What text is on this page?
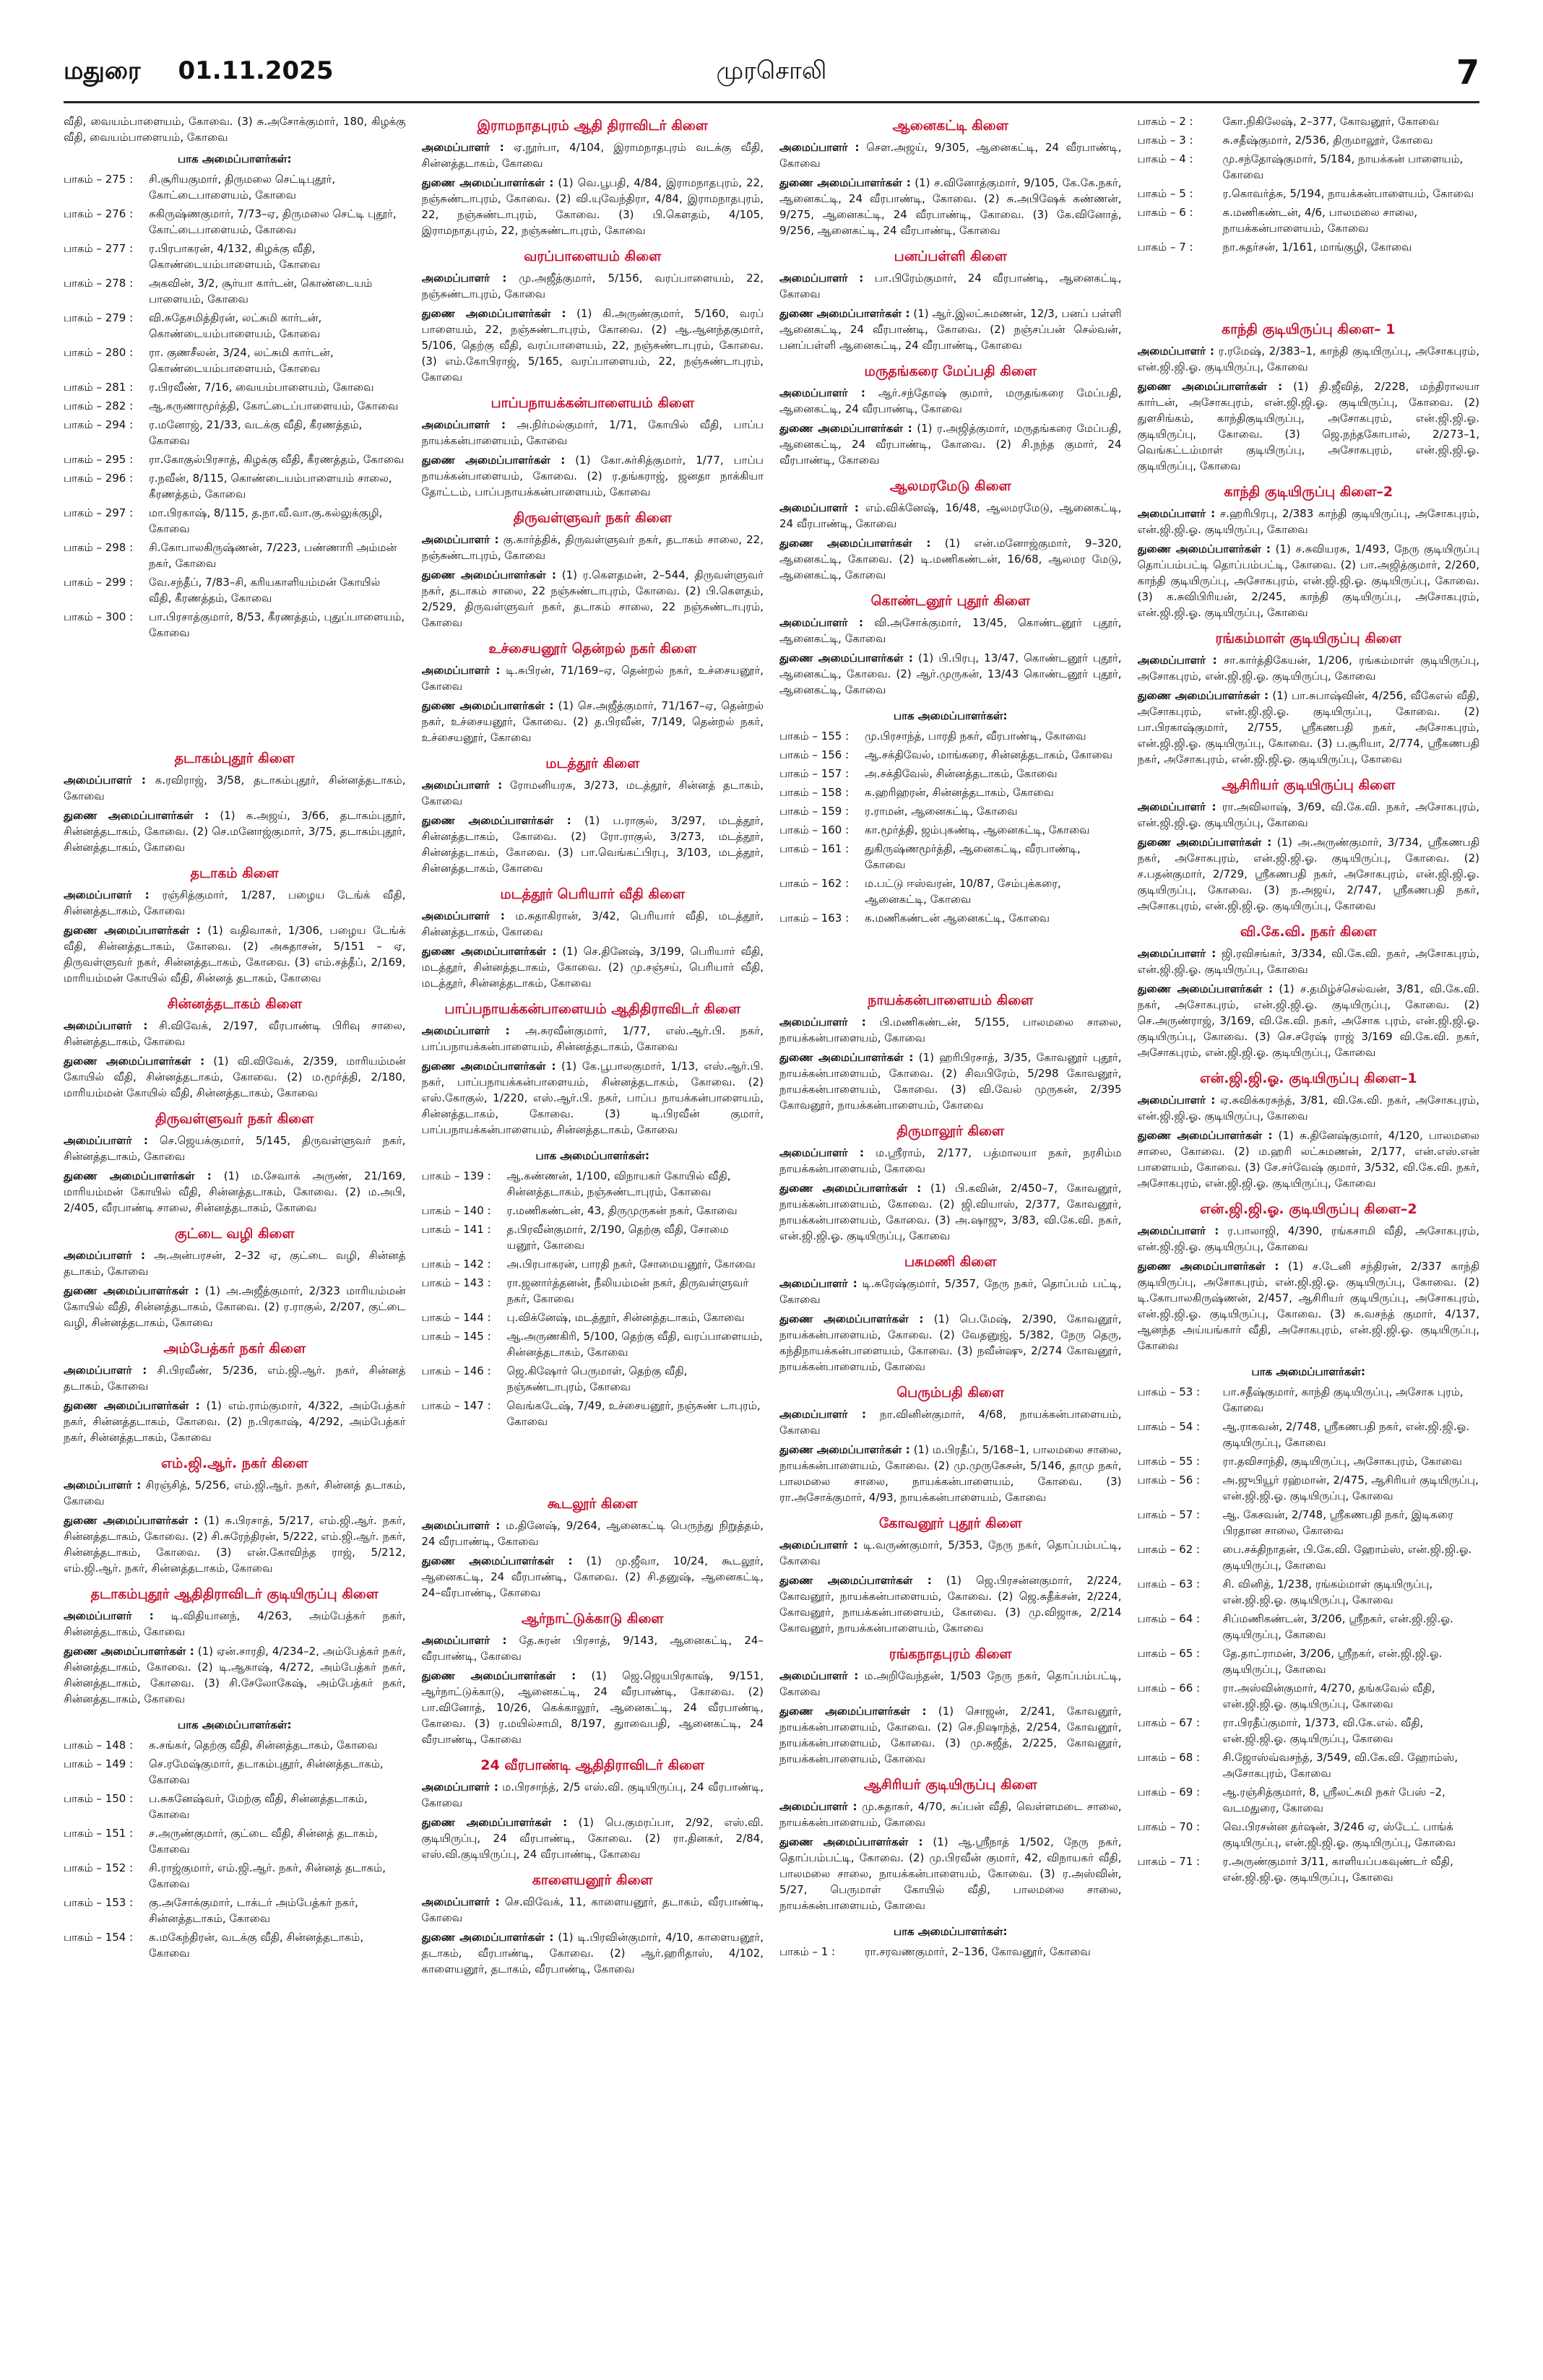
மதுரை 01.11.2025	முரசொலி	7
வீதி, வையம்பாளையம், கோவை. (3) சு.அசோக்குமார், 180, கிழக்கு வீதி, வையம்பாளையம், கோவை
பாக அமைப்பாளர்கள்:
பாகம் – 275 :	சி.சூரியகுமார், திருமலை செட்டிபுதூர், கோட்டைபாளையம், கோவை
பாகம் – 276 :	சுகிருஷ்ணகுமார், 7/73–ஏ, திருமலை செட்டி புதூர், கோட்டைபாளையம், கோவை
பாகம் – 277 :	ர.பிரபாகரன், 4/132, கிழக்கு வீதி, கொண்டையம்பாளையம், கோவை
பாகம் – 278 :	அகவின், 3/2, சூர்யா கார்டன், கொண்டையம் பாளையம், கோவை
பாகம் – 279 :	வி.சுதேசமித்திரன், லட்சுமி கார்டன், கொண்டையம்பாளையம், கோவை
பாகம் – 280 :	ரா. குணசீலன், 3/24, லட்சுமி கார்டன், கொண்டையம்பாளையம், கோவை
பாகம் – 281 :	ர.பிரவீண், 7/16, வையம்பாளையம், கோவை
பாகம் – 282 :	ஆ.கருணாமூர்த்தி, கோட்டைப்பாளையம், கோவை
பாகம் – 294 :	ர.மனோஜ், 21/33, வடக்கு வீதி, கீரணத்தம், கோவை
பாகம் – 295 :	ரா.கோகுல்பிரசாத், கிழக்கு வீதி, கீரணத்தம், கோவை
பாகம் – 296 :	ர.நவீன், 8/115, கொண்டையம்பாளையம் சாலை, கீரணத்தம், கோவை
பாகம் – 297 :	மா.பிரகாஷ், 8/115, த.நா.வீ.வா.கு.கல்லுக்குழி, கோவை
பாகம் – 298 :	சி.கோபாலகிருஷ்ணன், 7/223, பண்ணாரி அம்மன் நகர், கோவை
பாகம் – 299 :	வே.சந்தீப், 7/83–சி, கரியகாளியம்மன் கோயில் வீதி, கீரணத்தம், கோவை
பாகம் – 300 :	பா.பிரசாத்குமார், 8/53, கீரணத்தம், புதுப்பாளையம், கோவை
தடாகம்புதூர் கிளை
அமைப்பாளர் : க.ரவிராஜ், 3/58, தடாகம்புதூர், சின்னத்தடாகம், கோவை
துணை அமைப்பாளர்கள் : (1) க.அஜய், 3/66, தடாகம்புதூர், சின்னத்தடாகம், கோவை. (2) செ.மனோஜ்குமார், 3/75, தடாகம்புதூர், சின்னத்தடாகம், கோவை
தடாகம் கிளை
அமைப்பாளர் : ரஞ்சித்குமார், 1/287, பழைய டேங்க் வீதி, சின்னத்தடாகம், கோவை
துணை அமைப்பாளர்கள் : (1) வதிவாகர், 1/306, பழைய டேங்க் வீதி, சின்னத்தடாகம், கோவை. (2) அசுதாசன், 5/151 – ஏ, திருவள்ளுவர் நகர், சின்னத்தடாகம், கோவை. (3) எம்.சத்தீப், 2/169, மாரியம்மன் கோயில் வீதி, சின்னத் தடாகம், கோவை
சின்னத்தடாகம் கிளை
அமைப்பாளர் : சி.விவேக், 2/197, வீரபாண்டி பிரிவு சாலை, சின்னத்தடாகம், கோவை
துணை அமைப்பாளர்கள் : (1) வி.விவேக், 2/359, மாரியம்மன் கோயில் வீதி, சின்னத்தடாகம், கோவை. (2) ம.மூர்த்தி, 2/180, மாரியம்மன் கோயில் வீதி, சின்னத்தடாகம், கோவை
திருவள்ளுவர் நகர் கிளை
அமைப்பாளர் : செ.ஜெயக்குமார், 5/145, திருவள்ளுவர் நகர், சின்னத்தடாகம், கோவை
துணை அமைப்பாளர்கள் : (1) ம.சேவாக் அருண், 21/169, மாரியம்மன் கோயில் வீதி, சின்னத்தடாகம், கோவை. (2) ம.அபி, 2/405, வீரபாண்டி சாலை, சின்னத்தடாகம், கோவை
குட்டை வழி கிளை
அமைப்பாளர் : அ.அன்பரசன், 2–32 ஏ, குட்டை வழி, சின்னத் தடாகம், கோவை
துணை அமைப்பாளர்கள் : (1) அ.அஜீத்குமார், 2/323 மாரியம்மன் கோயில் வீதி, சின்னத்தடாகம், கோவை. (2) ர.ராகுல், 2/207, குட்டை வழி, சின்னத்தடாகம், கோவை
அம்பேத்கர் நகர் கிளை
அமைப்பாளர் : சி.பிரவீண், 5/236, எம்.ஜி.ஆர். நகர், சின்னத் தடாகம், கோவை
துணை அமைப்பாளர்கள் : (1) எம்.ராம்குமார், 4/322, அம்பேத்கர் நகர், சின்னத்தடாகம், கோவை. (2) ந.பிரகாஷ், 4/292, அம்பேத்கர் நகர், சின்னத்தடாகம், கோவை
எம்.ஜி.ஆர். நகர் கிளை
அமைப்பாளர் : சிரஞ்சித், 5/256, எம்.ஜி.ஆர். நகர், சின்னத் தடாகம், கோவை
துணை அமைப்பாளர்கள் : (1) சு.பிரசாத், 5/217, எம்.ஜி.ஆர். நகர், சின்னத்தடாகம், கோவை. (2) சி.சுரேந்திரன், 5/222, எம்.ஜி.ஆர். நகர், சின்னத்தடாகம், கோவை. (3) என்.கோவிந்த ராஜ், 5/212, எம்.ஜி.ஆர். நகர், சின்னத்தடாகம், கோவை
தடாகம்புதூர் ஆதிதிராவிடர் குடியிருப்பு கிளை
அமைப்பாளர் : டி.விதியானந், 4/263, அம்பேத்கர் நகர், சின்னத்தடாகம், கோவை
துணை அமைப்பாளர்கள் : (1) ஏன்.சாரதி, 4/234–2, அம்பேத்கர் நகர், சின்னத்தடாகம், கோவை. (2) டி.ஆகாஷ், 4/272, அம்பேத்கர் நகர், சின்னத்தடாகம், கோவை. (3) சி.சேலோகேஷ், அம்பேத்கர் நகர், சின்னத்தடாகம், கோவை
பாக அமைப்பாளர்கள்:
பாகம் – 148 :	க.சங்கர், தெற்கு வீதி, சின்னத்தடாகம், கோவை
பாகம் – 149 :	செ.ரமேஷ்குமார், தடாகம்புதூர், சின்னத்தடாகம், கோவை
பாகம் – 150 :	ப.சுகனேஷ்வர், மேற்கு வீதி, சின்னத்தடாகம், கோவை
பாகம் – 151 :	ச.அருண்குமார், குட்டை வீதி, சின்னத் தடாகம், கோவை
பாகம் – 152 :	சி.ராஜ்குமார், எம்.ஜி.ஆர். நகர், சின்னத் தடாகம், கோவை
பாகம் – 153 :	கு.அசோக்குமார், டாக்டர் அம்பேத்கர் நகர், சின்னத்தடாகம், கோவை
பாகம் – 154 :	க.மகேந்திரன், வடக்கு வீதி, சின்னத்தடாகம், கோவை
இராமநாதபுரம் ஆதி திராவிடர் கிளை
அமைப்பாளர் : ஏ.நூர்பா, 4/104, இராமநாதபுரம் வடக்கு வீதி, சின்னத்தடாகம், கோவை
துணை அமைப்பாளர்கள் : (1) வெ.பூபதி, 4/84, இராமநாதபுரம், 22, நஞ்சுண்டாபுரம், கோவை. (2) வி.யுவேந்திரா, 4/84, இராமநாதபுரம், 22, நஞ்சுண்டாபுரம், கோவை. (3) பி.கௌதம், 4/105, இராமநாதபுரம், 22, நஞ்சுண்டாபுரம், கோவை
வரப்பாளையம் கிளை
அமைப்பாளர் : மு.அஜீத்குமார், 5/156, வரப்பாளையம், 22, நஞ்சுண்டாபுரம், கோவை
துணை அமைப்பாளர்கள் : (1) கி.அருண்குமார், 5/160, வரப் பாளையம், 22, நஞ்சுண்டாபுரம், கோவை. (2) ஆ.ஆனந்தகுமார், 5/106, தெற்கு வீதி, வரப்பாளையம், 22, நஞ்சுண்டாபுரம், கோவை. (3) எம்.கோபிராஜ், 5/165, வரப்பாளையம், 22, நஞ்சுண்டாபுரம், கோவை
பாப்பநாயக்கன்பாளையம் கிளை
அமைப்பாளர் : அ.நிர்மல்குமார், 1/71, கோயில் வீதி, பாப்ப நாயக்கன்பாளையம், கோவை
துணை அமைப்பாளர்கள் : (1) கோ.சுர்சித்குமார், 1/77, பாப்ப நாயக்கன்பாளையம், கோவை. (2) ர.தங்கராஜ், ஜனதா நாக்கியா தோட்டம், பாப்பநாயக்கன்பாளையம், கோவை
திருவள்ளுவர் நகர் கிளை
அமைப்பாளர் : கு.கார்த்திக், திருவள்ளுவர் நகர், தடாகம் சாலை, 22, நஞ்சுண்டாபுரம், கோவை
துணை அமைப்பாளர்கள் : (1) ர.கௌதமன், 2–544, திருவள்ளுவர் நகர், தடாகம் சாலை, 22 நஞ்சுண்டாபுரம், கோவை. (2) பி.கௌதம், 2/529, திருவள்ளுவர் நகர், தடாகம் சாலை, 22 நஞ்சுண்டாபுரம், கோவை
உச்சையனூர் தென்றல் நகர் கிளை
அமைப்பாளர் : டி.சுபிரன், 71/169–ஏ, தென்றல் நகர், உச்சையனூர், கோவை
துணை அமைப்பாளர்கள் : (1) செ.அஜீத்குமார், 71/167–ஏ, தென்றல் நகர், உச்சையனூர், கோவை. (2) த.பிரவீன், 7/149, தென்றல் நகர், உச்சையனூர், கோவை
மடத்தூர் கிளை
அமைப்பாளர் : ரோமனியரசு, 3/273, மடத்தூர், சின்னத் தடாகம், கோவை
துணை அமைப்பாளர்கள் : (1) ப.ராகுல், 3/297, மடத்தூர், சின்னத்தடாகம், கோவை. (2) ரோ.ராகுல், 3/273, மடத்தூர், சின்னத்தடாகம், கோவை. (3) பா.வெங்கட்பிரபு, 3/103, மடத்தூர், சின்னத்தடாகம், கோவை
மடத்தூர் பெரியார் வீதி கிளை
அமைப்பாளர் : ம.சுதாகிரான், 3/42, பெரியார் வீதி, மடத்தூர், சின்னத்தடாகம், கோவை
துணை அமைப்பாளர்கள் : (1) செ.தினேஷ், 3/199, பெரியார் வீதி, மடத்தூர், சின்னத்தடாகம், கோவை. (2) மு.சஞ்சய், பெரியார் வீதி, மடத்தூர், சின்னத்தடாகம், கோவை
பாப்பநாயக்கன்பாளையம் ஆதிதிராவிடர் கிளை
அமைப்பாளர் : அ.சுரவீன்குமார், 1/77, எஸ்.ஆர்.பி. நகர், பாப்பநாயக்கன்பாளையம், சின்னத்தடாகம், கோவை
துணை அமைப்பாளர்கள் : (1) கே.பூபாலகுமார், 1/13, எஸ்.ஆர்.பி. நகர், பாப்பநாயக்கன்பாளையம், சின்னத்தடாகம், கோவை. (2) எஸ்.கோகுல், 1/220, எஸ்.ஆர்.பி. நகர், பாப்ப நாயக்கன்பாளையம், சின்னத்தடாகம், கோவை. (3) டி.பிரவீன் குமார், பாப்பநாயக்கன்பாளையம், சின்னத்தடாகம், கோவை
பாக அமைப்பாளர்கள்:
பாகம் – 139 :	ஆ.கண்ணன், 1/100, விநாயகர் கோயில் வீதி, சின்னத்தடாகம், நஞ்சுண்டாபுரம், கோவை
பாகம் – 140 :	ர.மணிகண்டன், 43, திருமுருகன் நகர், கோவை
பாகம் – 141 :	த.பிரவீன்குமார், 2/190, தெற்கு வீதி, சோமை யனூர், கோவை
பாகம் – 142 :	அ.பிரபாகரன், பாரதி நகர், சோமையனூர், கோவை
பாகம் – 143 :	ரா.ஜனார்த்தனன், நீலியம்மன் நகர், திருவள்ளுவர் நகர், கோவை
பாகம் – 144 :	பு.விக்னேஷ், மடத்தூர், சின்னத்தடாகம், கோவை
பாகம் – 145 :	ஆ.அருணகிரி, 5/100, தெற்கு வீதி, வரப்பாளையம், சின்னத்தடாகம், கோவை
பாகம் – 146 :	ஜெ.கிஷோர் பெருமாள், தெற்கு வீதி, நஞ்சுண்டாபுரம், கோவை
பாகம் – 147 :	வெங்கடேஷ், 7/49, உச்சையனூர், நஞ்சுண் டாபுரம், கோவை
கூடலூர் கிளை
அமைப்பாளர் : ம.தினேஷ், 9/264, ஆனைகட்டி பெருந்து நிறுத்தம், 24 வீரபாண்டி, கோவை
துணை அமைப்பாளர்கள் : (1) மு.ஜீவா, 10/24, கூடலூர், ஆனைகட்டி, 24 வீரபாண்டி, கோவை. (2) சி.தனுஷ், ஆனைகட்டி, 24–வீரபாண்டி, கோவை
ஆர்நாட்டுக்காடு கிளை
அமைப்பாளர் : தே.சுரன் பிரசாத், 9/143, ஆனைகட்டி, 24–வீரபாண்டி, கோவை
துணை அமைப்பாளர்கள் : (1) ஜெ.ஜெயபிரகாஷ், 9/151, ஆர்நாட்டுக்காடு, ஆனைகட்டி, 24 வீரபாண்டி, கோவை. (2) பா.வினோத், 10/26, கெக்காலூர், ஆனைகட்டி, 24 வீரபாண்டி, கோவை. (3) ர.மயில்சாமி, 8/197, துாவைபதி, ஆனைகட்டி, 24 வீரபாண்டி, கோவை
24 வீரபாண்டி ஆதிதிராவிடர் கிளை
அமைப்பாளர் : ம.பிரசாந்த், 2/5 எஸ்.வி. குடியிருப்பு, 24 வீரபாண்டி, கோவை
துணை அமைப்பாளர்கள் : (1) பெ.குமரப்பா, 2/92, எஸ்.வி. குடியிருப்பு, 24 வீரபாண்டி, கோவை. (2) ரா.தினகர், 2/84, எஸ்.வி.குடியிருப்பு, 24 வீரபாண்டி, கோவை
காளையனூர் கிளை
அமைப்பாளர் : செ.விவேக், 11, காளையனூர், தடாகம், வீரபாண்டி, கோவை
துணை அமைப்பாளர்கள் : (1) டி.பிரவின்குமார், 4/10, காளையனூர், தடாகம், வீரபாண்டி, கோவை. (2) ஆர்.ஹரிதாஸ், 4/102, காளையனூர், தடாகம், வீரபாண்டி, கோவை
ஆனைகட்டி கிளை
அமைப்பாளர் : சௌ.அஜய், 9/305, ஆனைகட்டி, 24 வீரபாண்டி, கோவை
துணை அமைப்பாளர்கள் : (1) ச.வினோத்குமார், 9/105, கே.கே.நகர், ஆனைகட்டி, 24 வீரபாண்டி, கோவை. (2) சு.அபிஷேக் கண்ணன், 9/275, ஆனைகட்டி, 24 வீரபாண்டி, கோவை. (3) கே.வினோத், 9/256, ஆனைகட்டி, 24 வீரபாண்டி, கோவை
பனப்பள்ளி கிளை
அமைப்பாளர் : பா.பிரேம்குமார், 24 வீரபாண்டி, ஆனைகட்டி, கோவை
துணை அமைப்பாளர்கள் : (1) ஆர்.இலட்சுமணன், 12/3, பனப் பள்ளி ஆனைகட்டி, 24 வீரபாண்டி, கோவை. (2) நஞ்சப்பன் செல்வன், பனப்பள்ளி ஆனைகட்டி, 24 வீரபாண்டி, கோவை
மருதங்கரை மேப்பதி கிளை
அமைப்பாளர் : ஆர்.சந்தோஷ் குமார், மருதங்கரை மேப்பதி, ஆனைகட்டி, 24 வீரபாண்டி, கோவை
துணை அமைப்பாளர்கள் : (1) ர.அஜித்குமார், மருதங்கரை மேப்பதி, ஆனைகட்டி, 24 வீரபாண்டி, கோவை. (2) சி.நந்த குமார், 24 வீரபாண்டி, கோவை
ஆலமரமேடு கிளை
அமைப்பாளர் : எம்.விக்னேஷ், 16/48, ஆலமரமேடு, ஆனைகட்டி, 24 வீரபாண்டி, கோவை
துணை அமைப்பாளர்கள் : (1) என்.மனோஜ்குமார், 9–320, ஆனைகட்டி, கோவை. (2) டி.மணிகண்டன், 16/68, ஆலமர மேடு, ஆனைகட்டி, கோவை
கொண்டனூர் புதூர் கிளை
அமைப்பாளர் : வி.அசோக்குமார், 13/45, கொண்டனூர் புதூர், ஆனைகட்டி, கோவை
துணை அமைப்பாளர்கள் : (1) பி.பிரபு, 13/47, கொண்டனூர் புதூர், ஆனைகட்டி, கோவை. (2) ஆர்.முருகன், 13/43 கொண்டனூர் புதூர், ஆனைகட்டி, கோவை
பாக அமைப்பாளர்கள்:
பாகம் – 155 :	மு.பிரசாந்த், பாரதி நகர், வீரபாண்டி, கோவை
பாகம் – 156 :	ஆ.சக்திவேல், மாங்கரை, சின்னத்தடாகம், கோவை
பாகம் – 157 :	அ.சக்திவேல், சின்னத்தடாகம், கோவை
பாகம் – 158 :	க.ஹரிஹரன், சின்னத்தடாகம், கோவை
பாகம் – 159 :	ர.ராமன், ஆனைகட்டி, கோவை
பாகம் – 160 :	கா.மூர்த்தி, ஜம்புகண்டி, ஆனைகட்டி, கோவை
பாகம் – 161 :	துகிருஷ்ணமூர்த்தி, ஆனைகட்டி, வீரபாண்டி, கோவை
பாகம் – 162 :	ம.பட்டு ஈஸ்வரன், 10/87, சேம்புக்கரை, ஆனைகட்டி, கோவை
பாகம் – 163 :	க.மணிகண்டன் ஆனைகட்டி, கோவை
நாயக்கன்பாளையம் கிளை
அமைப்பாளர் : பி.மணிகண்டன், 5/155, பாலமலை சாலை, நாயக்கன்பாளையம், கோவை
துணை அமைப்பாளர்கள் : (1) ஹரிபிரசாத், 3/35, கோவனூர் புதூர், நாயக்கன்பாளையம், கோவை. (2) சிவபிரேம், 5/298 கோவனூர், நாயக்கன்பாளையம், கோவை. (3) வி.வேல் முருகன், 2/395 கோவனூர், நாயக்கன்பாளையம், கோவை
திருமாலூர் கிளை
அமைப்பாளர் : ம.ஸ்ரீராம், 2/177, பத்மாலயா நகர், நரசிம்ம நாயக்கன்பாளையம், கோவை
துணை அமைப்பாளர்கள் : (1) பி.கவின், 2/450–7, கோவனூர், நாயக்கன்பாளையம், கோவை. (2) ஜி.வியாஸ், 2/377, கோவனூர், நாயக்கன்பாளையம், கோவை. (3) அ.ஷாஜு, 3/83, வி.கே.வி. நகர், என்.ஜி.ஜி.ஓ. குடியிருப்பு, கோவை
பசுமணி கிளை
அமைப்பாளர் : டி.சுரேஷ்குமார், 5/357, நேரு நகர், தொப்பம் பட்டி, கோவை
துணை அமைப்பாளர்கள் : (1) பெ.மேஷ், 2/390, கோவனூர், நாயக்கன்பாளையம், கோவை. (2) வேதனுஜ், 5/382, நேரு தெரு, கந்திநாயக்கன்பாளையம், கோவை. (3) நவீன்ஷு, 2/274 கோவனூர், நாயக்கன்பாளையம், கோவை
பெரும்பதி கிளை
அமைப்பாளர் : நா.வினின்குமார், 4/68, நாயக்கன்பாளையம், கோவை
துணை அமைப்பாளர்கள் : (1) ம.பிரதீப், 5/168–1, பாலமலை சாலை, நாயக்கன்பாளையம், கோவை. (2) மு.முருகேசன், 5/146, தாமு நகர், பாலமலை சாலை, நாயக்கன்பாளையம், கோவை. (3) ரா.அசோக்குமார், 4/93, நாயக்கன்பாளையம், கோவை
கோவனூர் புதூர் கிளை
அமைப்பாளர் : டி.வருண்குமார், 5/353, நேரு நகர், தொப்பம்பட்டி, கோவை
துணை அமைப்பாளர்கள் : (1) ஜெ.பிரசன்னகுமார், 2/224, கோவனூர், நாயக்கன்பாளையம், கோவை. (2) ஜெ.சுதீக்சன், 2/224, கோவனூர், நாயக்கன்பாளையம், கோவை. (3) மு.விஜாசு, 2/214 கோவனூர், நாயக்கன்பாளையம், கோவை
ரங்கநாதபுரம் கிளை
அமைப்பாளர் : ம.அறிவேந்தன், 1/503 நேரு நகர், தொப்பம்பட்டி, கோவை
துணை அமைப்பாளர்கள் : (1) சொஜன், 2/241, கோவனூர், நாயக்கன்பாளையம், கோவை. (2) செ.நிஷாந்த், 2/254, கோவனூர், நாயக்கன்பாளையம், கோவை. (3) மு.சுஜீத், 2/225, கோவனூர், நாயக்கன்பாளையம், கோவை
ஆசிரியர் குடியிருப்பு கிளை
அமைப்பாளர் : மு.சுதாகர், 4/70, சுப்பன் வீதி, வெள்ளமடை சாலை, நாயக்கன்பாளையம், கோவை
துணை அமைப்பாளர்கள் : (1) ஆ.ஸ்ரீநாத் 1/502, நேரு நகர், தொப்பம்பட்டி, கோவை. (2) மு.பிரவீன் குமார், 42, விநாயகர் வீதி, பாலமலை சாலை, நாயக்கன்பாளையம், கோவை. (3) ர.அஸ்வின், 5/27, பெருமாள் கோயில் வீதி, பாலமலை சாலை, நாயக்கன்பாளையம், கோவை
பாக அமைப்பாளர்கள்:
பாகம் – 1 :	ரா.சரவணகுமார், 2–136, கோவனூர், கோவை
பாகம் – 2 :	கோ.நிகிலேஷ், 2–377, கோவனூர், கோவை
பாகம் – 3 :	சு.சதீஷ்குமார், 2/536, திருமாலூர், கோவை
பாகம் – 4 :	மு.சந்தோஷ்குமார், 5/184, நாயக்கன் பாளையம், கோவை
பாகம் – 5 :	ர.கொவர்த்சு, 5/194, நாயக்கன்பாளையம், கோவை
பாகம் – 6 :	க.மணிகண்டன், 4/6, பாலமலை சாலை, நாயக்கன்பாளையம், கோவை
பாகம் – 7 :	நா.சுதர்சன், 1/161, மாங்குழி, கோவை
காந்தி குடியிருப்பு கிளை– 1
அமைப்பாளர் : ர.ரமேஷ், 2/383–1, காந்தி குடியிருப்பு, அசோகபுரம், என்.ஜி.ஜி.ஓ. குடியிருப்பு, கோவை
துணை அமைப்பாளர்கள் : (1) தி.ஜீவித், 2/228, மந்திராலயா கார்டன், அசோகபுரம், என்.ஜி.ஜி.ஓ. குடியிருப்பு, கோவை. (2) துளசிங்கம், காந்திகுடியிருப்பு, அசோகபுரம், என்.ஜி.ஜி.ஓ. குடியிருப்பு, கோவை. (3) ஜெ.நந்தகோபால், 2/273–1, வெங்கட்டம்மாள் குடியிருப்பு, அசோகபுரம், என்.ஜி.ஜி.ஓ. குடியிருப்பு, கோவை
காந்தி குடியிருப்பு கிளை–2
அமைப்பாளர் : ச.ஹரிபிரபு, 2/383 காந்தி குடியிருப்பு, அசோகபுரம், என்.ஜி.ஜி.ஓ. குடியிருப்பு, கோவை
துணை அமைப்பாளர்கள் : (1) ச.சுவியரசு, 1/493, நேரு குடியிருப்பு தொப்பம்பட்டி தொப்பம்பட்டி, கோவை. (2) பா.அஜித்குமார், 2/260, காந்தி குடியிருப்பு, அசோகபுரம், என்.ஜி.ஜி.ஓ. குடியிருப்பு, கோவை. (3) க.சுவிபிரியன், 2/245, காந்தி குடியிருப்பு, அசோகபுரம், என்.ஜி.ஜி.ஓ. குடியிருப்பு, கோவை
ரங்கம்மாள் குடியிருப்பு கிளை
அமைப்பாளர் : சா.கார்த்திகேயன், 1/206, ரங்கம்மாள் குடியிருப்பு, அசோகபுரம், என்.ஜி.ஜி.ஓ. குடியிருப்பு, கோவை
துணை அமைப்பாளர்கள் : (1) பா.சுபாஷ்வின், 4/256, வீகேஎல் வீதி, அசோகபுரம், என்.ஜி.ஜி.ஓ. குடியிருப்பு, கோவை. (2) பா.பிரகாஷ்குமார், 2/755, ஸ்ரீகணபதி நகர், அசோகபுரம், என்.ஜி.ஜி.ஓ. குடியிருப்பு, கோவை. (3) ப.சூரியா, 2/774, ஸ்ரீகணபதி நகர், அசோகபுரம், என்.ஜி.ஜி.ஓ. குடியிருப்பு, கோவை
ஆசிரியர் குடியிருப்பு கிளை
அமைப்பாளர் : ரா.அவிலாஷ், 3/69, வி.கே.வி. நகர், அசோகபுரம், என்.ஜி.ஜி.ஓ. குடியிருப்பு, கோவை
துணை அமைப்பாளர்கள் : (1) அ.அருண்குமார், 3/734, ஸ்ரீகணபதி நகர், அசோகபுரம், என்.ஜி.ஜி.ஓ. குடியிருப்பு, கோவை. (2) ச.பதன்குமார், 2/729, ஸ்ரீகணபதி நகர், அசோகபுரம், என்.ஜி.ஜி.ஓ. குடியிருப்பு, கோவை. (3) ந.அஜய், 2/747, ஸ்ரீகணபதி நகர், அசோகபுரம், என்.ஜி.ஜி.ஓ. குடியிருப்பு, கோவை
வி.கே.வி. நகர் கிளை
அமைப்பாளர் : ஜி.ரவிசங்கர், 3/334, வி.கே.வி. நகர், அசோகபுரம், என்.ஜி.ஜி.ஓ. குடியிருப்பு, கோவை
துணை அமைப்பாளர்கள் : (1) ச.தமிழ்ச்செல்வன், 3/81, வி.கே.வி. நகர், அசோகபுரம், என்.ஜி.ஜி.ஓ. குடியிருப்பு, கோவை. (2) செ.அருண்ராஜ், 3/169, வி.கே.வி. நகர், அசோக புரம், என்.ஜி.ஜி.ஓ. குடியிருப்பு, கோவை. (3) செ.சரேஷ் ராஜ் 3/169 வி.கே.வி. நகர், அசோகபுரம், என்.ஜி.ஜி.ஓ. குடியிருப்பு, கோவை
என்.ஜி.ஜி.ஓ. குடியிருப்பு கிளை–1
அமைப்பாளர் : ஏ.சுவிக்கரசுந்த், 3/81, வி.கே.வி. நகர், அசோகபுரம், என்.ஜி.ஜி.ஓ. குடியிருப்பு, கோவை
துணை அமைப்பாளர்கள் : (1) சு.தினேஷ்குமார், 4/120, பாலமலை சாலை, கோவை. (2) ம.ஹரி லட்சுமணன், 2/177, என்.எஸ்.என் பாளையம், கோவை. (3) சே.சர்வேஷ் குமார், 3/532, வி.கே.வி. நகர், அசோகபுரம், என்.ஜி.ஜி.ஓ. குடியிருப்பு, கோவை
என்.ஜி.ஜி.ஓ. குடியிருப்பு கிளை–2
அமைப்பாளர் : ர.பாலாஜி, 4/390, ரங்கசாமி வீதி, அசோகபுரம், என்.ஜி.ஜி.ஓ. குடியிருப்பு, கோவை
துணை அமைப்பாளர்கள் : (1) ச.டேனி சந்திரன், 2/337 காந்தி குடியிருப்பு, அசோகபுரம், என்.ஜி.ஜி.ஓ. குடியிருப்பு, கோவை. (2) டி.கோபாலகிருஷ்ணன், 2/457, ஆசிரியர் குடியிருப்பு, அசோகபுரம், என்.ஜி.ஜி.ஓ. குடியிருப்பு, கோவை. (3) சு.வசந்த் குமார், 4/137, ஆனந்த அய்யங்கார் வீதி, அசோகபுரம், என்.ஜி.ஜி.ஓ. குடியிருப்பு, கோவை
பாக அமைப்பாளர்கள்:
பாகம் – 53 :	பா.சதீஷ்குமார், காந்தி குடியிருப்பு, அசோக புரம், கோவை
பாகம் – 54 :	ஆ.ராகவன், 2/748, ஸ்ரீகணபதி நகர், என்.ஜி.ஜி.ஓ. குடியிருப்பு, கோவை
பாகம் – 55 :	ரா.தவிசாந்தி, குடியிருப்பு, அசோகபுரம், கோவை
பாகம் – 56 :	அ.ஜுபியூர் ரஹ்மான், 2/475, ஆசிரியர் குடியிருப்பு, என்.ஜி.ஜி.ஓ. குடியிருப்பு, கோவை
பாகம் – 57 :	ஆ. கேசவன், 2/748, ஸ்ரீகணபதி நகர், இடிகரை பிரதான சாலை, கோவை
பாகம் – 62 :	பை.சக்திநாதன், பி.கே.வி. ஹோம்ஸ், என்.ஜி.ஜி.ஓ. குடியிருப்பு, கோவை
பாகம் – 63 :	சி. வினித், 1/238, ரங்கம்மாள் குடியிருப்பு, என்.ஜி.ஜி.ஓ. குடியிருப்பு, கோவை
பாகம் – 64 :	சிப்மணிகண்டன், 3/206, ஸ்ரீநகர், என்.ஜி.ஜி.ஓ. குடியிருப்பு, கோவை
பாகம் – 65 :	தே.தாட்ராமன், 3/206, ஸ்ரீநகர், என்.ஜி.ஜி.ஓ. குடியிருப்பு, கோவை
பாகம் – 66 :	ரா.அஸ்வின்குமார், 4/270, தங்கவேல் வீதி, என்.ஜி.ஜி.ஓ. குடியிருப்பு, கோவை
பாகம் – 67 :	ரா.பிரதீப்குமார், 1/373, வி.கே.எல். வீதி, என்.ஜி.ஜி.ஓ. குடியிருப்பு, கோவை
பாகம் – 68 :	சி.ஜோஸ்வ்வசந்த், 3/549, வி.கே.வி. ஹோம்ஸ், அசோகபுரம், கோவை
பாகம் – 69 :	ஆ.ரஞ்சித்குமார், 8, ஸ்ரீலட்சுமி நகர் பேஸ் –2, வடமதுரை, கோவை
பாகம் – 70 :	வெ.பிரசன்ன தர்ஷன், 3/246 ஏ, ஸ்டேட் பாங்க் குடியிருப்பு, என்.ஜி.ஜி.ஓ. குடியிருப்பு, கோவை
பாகம் – 71 :	ர.அருண்குமார் 3/11, காளியப்பகவுண்டர் வீதி, என்.ஜி.ஜி.ஓ. குடியிருப்பு, கோவை
